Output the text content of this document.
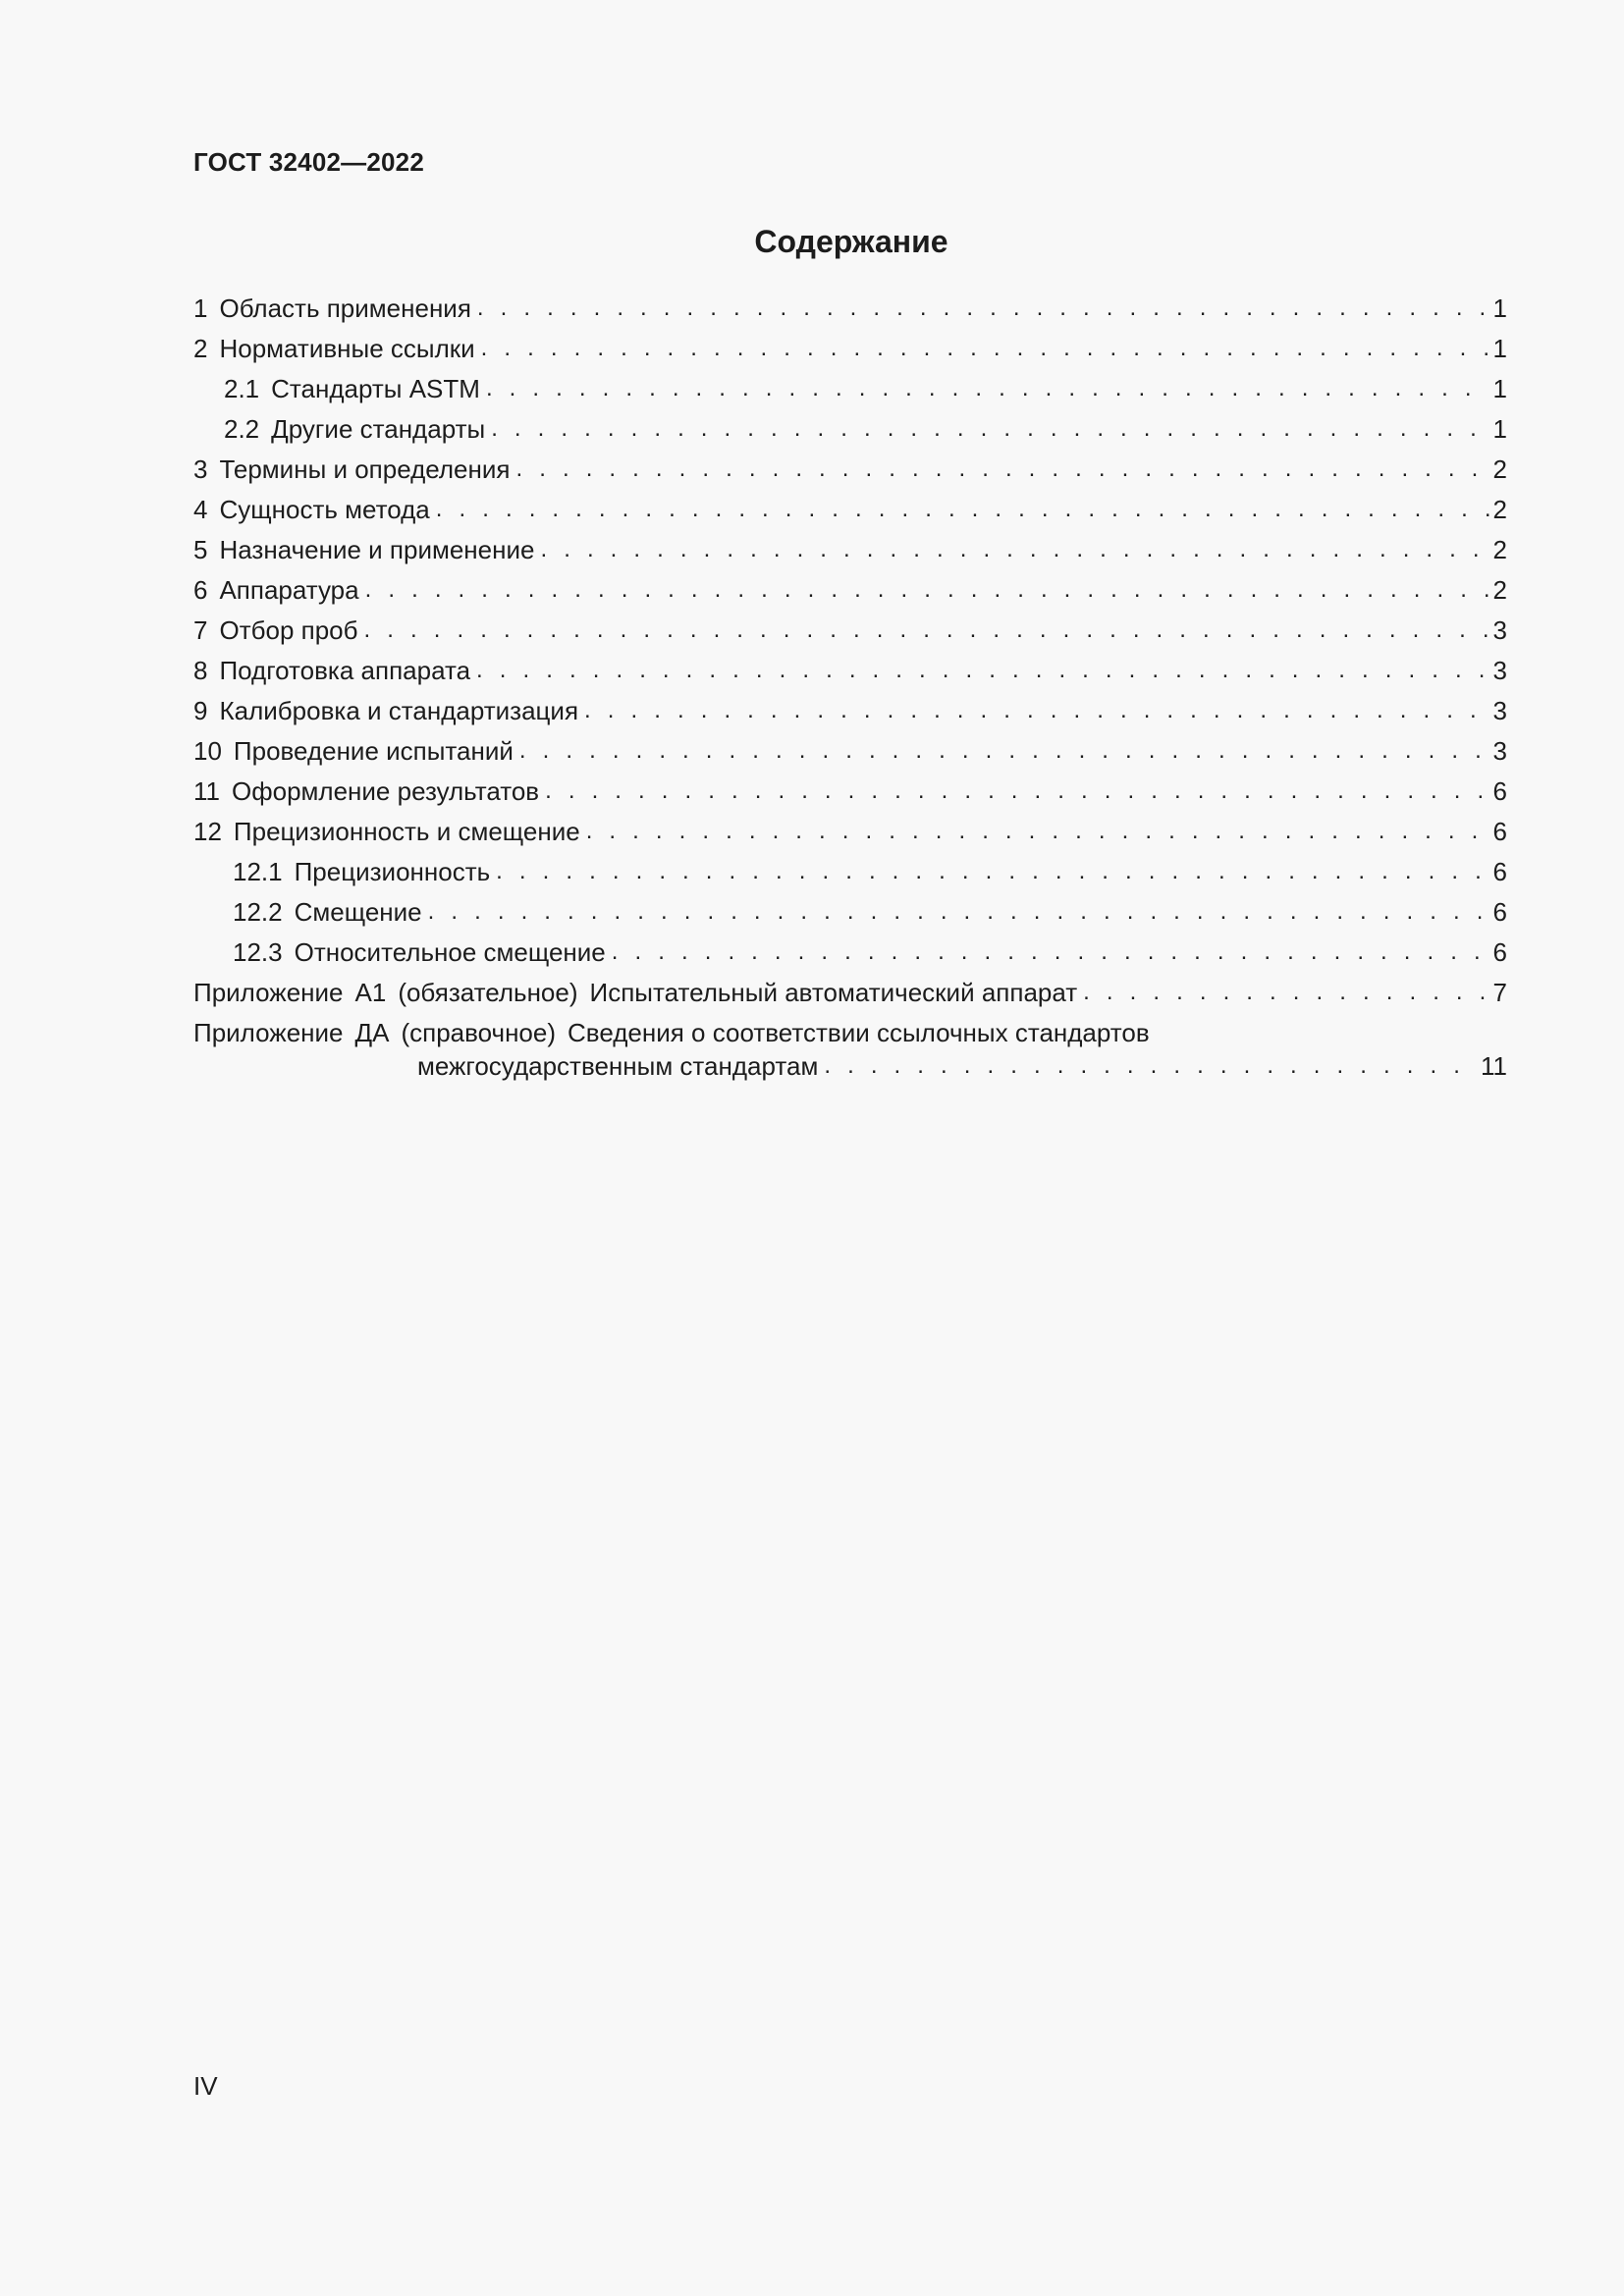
ГОСТ 32402—2022
Содержание
1 Область применения . . .	1
2 Нормативные ссылки . . .	1
2.1 Стандарты ASTM . . .	1
2.2 Другие стандарты . . .	1
3 Термины и определения . . .	2
4 Сущность метода . . .	2
5 Назначение и применение . . .	2
6 Аппаратура . . .	2
7 Отбор проб . . .	3
8 Подготовка аппарата . . .	3
9 Калибровка и стандартизация . . .	3
10 Проведение испытаний . . .	3
11 Оформление результатов . . .	6
12 Прецизионность и смещение . . .	6
12.1 Прецизионность . . .	6
12.2 Смещение . . .	6
12.3 Относительное смещение . . .	6
Приложение А1 (обязательное) Испытательный автоматический аппарат . . .	7
Приложение ДА (справочное) Сведения о соответствии ссылочных стандартов
межгосударственным стандартам . . .	11
IV
